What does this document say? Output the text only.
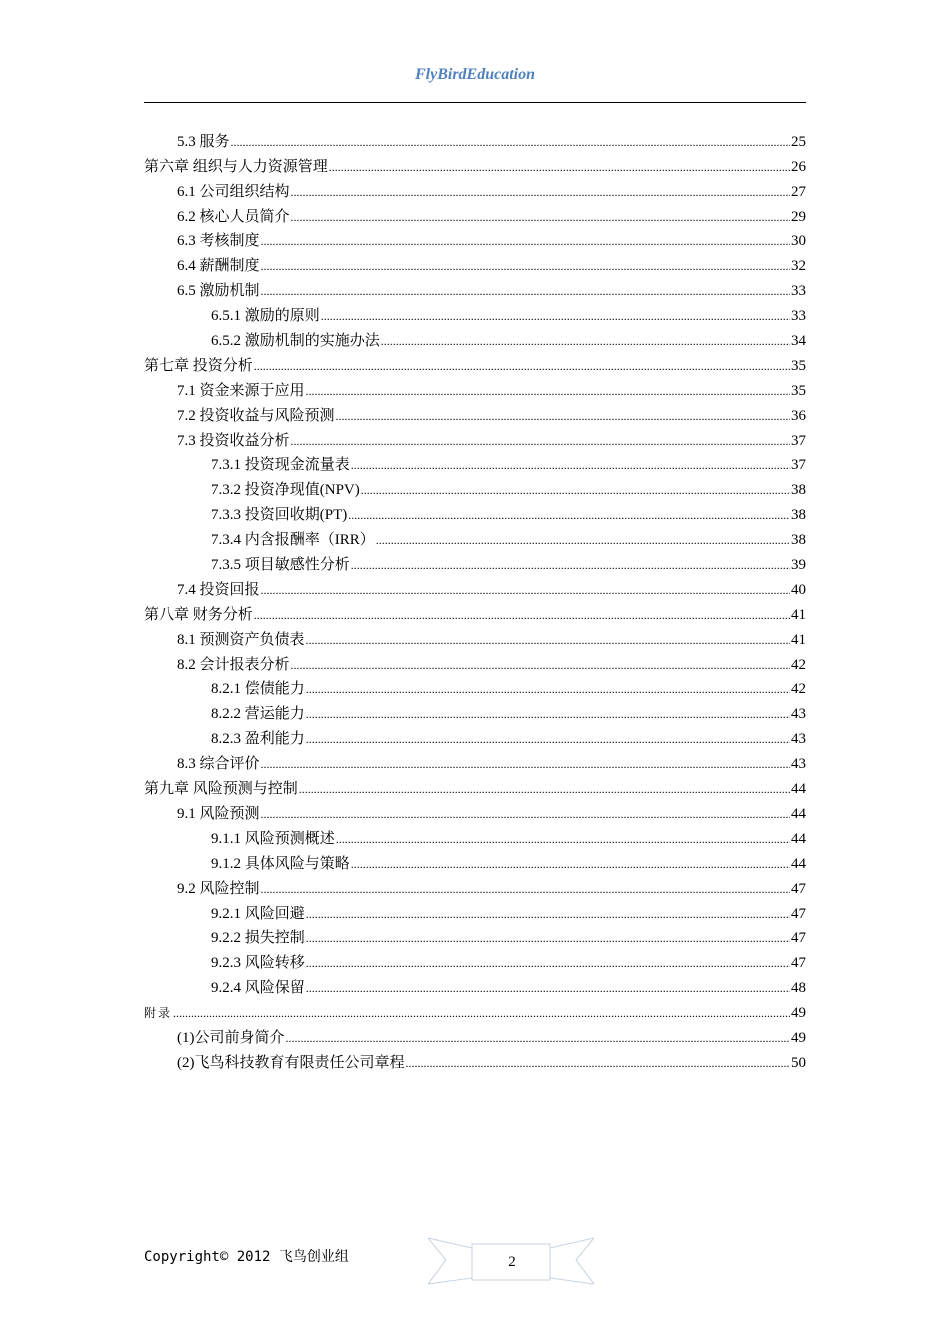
FlyBirdEducation
5.3 服务 .....	25
第六章 组织与人力资源管理 .....	26
6.1 公司组织结构 .....	27
6.2 核心人员简介 .....	29
6.3 考核制度 .....	30
6.4 薪酬制度 .....	32
6.5 激励机制 .....	33
6.5.1 激励的原则 .....	33
6.5.2 激励机制的实施办法 .....	34
第七章 投资分析 .....	35
7.1 资金来源于应用 .....	35
7.2 投资收益与风险预测 .....	36
7.3 投资收益分析 .....	37
7.3.1 投资现金流量表 .....	37
7.3.2 投资净现值(NPV) .....	38
7.3.3 投资回收期(PT) .....	38
7.3.4 内含报酬率（IRR） .....	38
7.3.5 项目敏感性分析 .....	39
7.4 投资回报 .....	40
第八章 财务分析 .....	41
8.1 预测资产负债表 .....	41
8.2 会计报表分析 .....	42
8.2.1 偿债能力 .....	42
8.2.2 营运能力 .....	43
8.2.3 盈利能力 .....	43
8.3 综合评价 .....	43
第九章 风险预测与控制 .....	44
9.1 风险预测 .....	44
9.1.1 风险预测概述 .....	44
9.1.2 具体风险与策略 .....	44
9.2 风险控制 .....	47
9.2.1 风险回避 .....	47
9.2.2 损失控制 .....	47
9.2.3 风险转移 .....	47
9.2.4 风险保留 .....	48
附录 .....	49
(1)公司前身简介 .....	49
(2)飞鸟科技教育有限责任公司章程 .....	50
Copyright© 2012 飞鸟创业组	2
